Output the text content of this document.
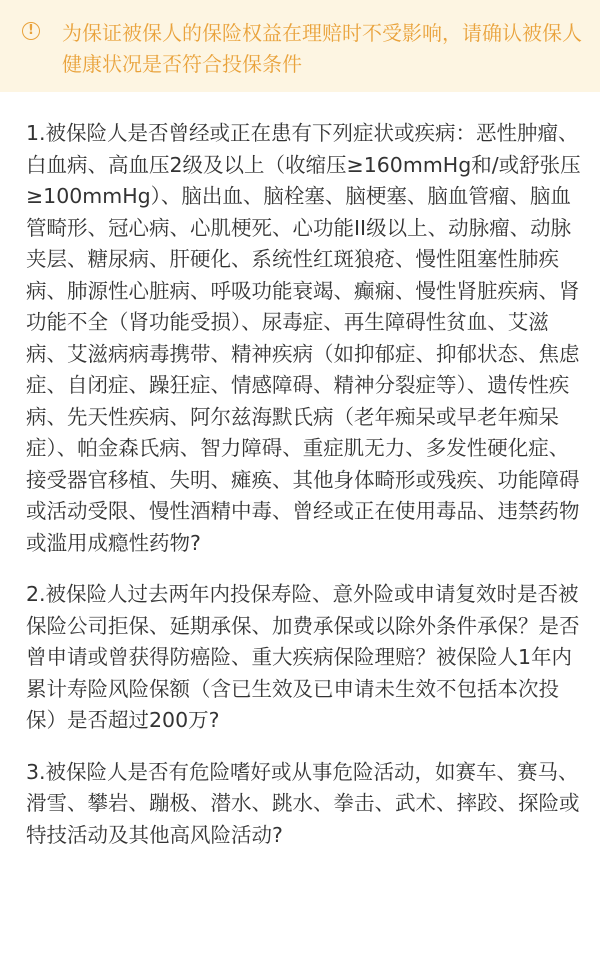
!	为保证被保人的保险权益在理赔时不受影响，请确认被保人健康状况是否符合投保条件

1.被保险人是否曾经或正在患有下列症状或疾病：恶性肿瘤、白血病、高血压2级及以上（收缩压≥160mmHg和/或舒张压≥100mmHg）、脑出血、脑栓塞、脑梗塞、脑血管瘤、脑血管畸形、冠心病、心肌梗死、心功能II级以上、动脉瘤、动脉夹层、糖尿病、肝硬化、系统性红斑狼疮、慢性阻塞性肺疾病、肺源性心脏病、呼吸功能衰竭、癫痫、慢性肾脏疾病、肾功能不全（肾功能受损）、尿毒症、再生障碍性贫血、艾滋病、艾滋病病毒携带、精神疾病（如抑郁症、抑郁状态、焦虑症、自闭症、躁狂症、情感障碍、精神分裂症等）、遗传性疾病、先天性疾病、阿尔兹海默氏病（老年痴呆或早老年痴呆症）、帕金森氏病、智力障碍、重症肌无力、多发性硬化症、接受器官移植、失明、瘫痪、其他身体畸形或残疾、功能障碍或活动受限、慢性酒精中毒、曾经或正在使用毒品、违禁药物或滥用成瘾性药物?

2.被保险人过去两年内投保寿险、意外险或申请复效时是否被保险公司拒保、延期承保、加费承保或以除外条件承保？是否曾申请或曾获得防癌险、重大疾病保险理赔？被保险人1年内累计寿险风险保额（含已生效及已申请未生效不包括本次投保）是否超过200万?

3.被保险人是否有危险嗜好或从事危险活动，如赛车、赛马、滑雪、攀岩、蹦极、潜水、跳水、拳击、武术、摔跤、探险或特技活动及其他高风险活动?
